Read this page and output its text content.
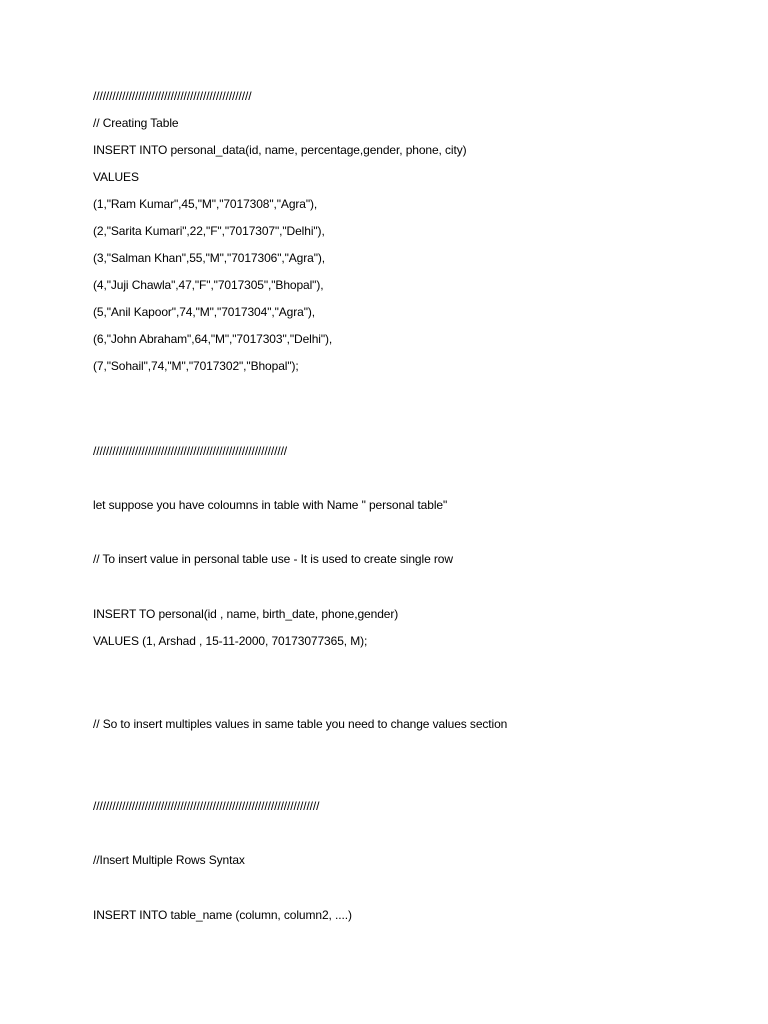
/////////////////////////////////////////////////
// Creating Table
INSERT INTO personal_data(id, name, percentage,gender, phone, city)
VALUES
(1,"Ram Kumar",45,"M","7017308","Agra"),
(2,"Sarita Kumari",22,"F","7017307","Delhi"),
(3,"Salman Khan",55,"M","7017306","Agra"),
(4,"Juji Chawla",47,"F","7017305","Bhopal"),
(5,"Anil Kapoor",74,"M","7017304","Agra"),
(6,"John Abraham",64,"M","7017303","Delhi"),
(7,"Sohail",74,"M","7017302","Bhopal");
////////////////////////////////////////////////////////////
let suppose you have coloumns in table with Name " personal table"
// To insert value in personal table use - It is used to create single row
INSERT TO personal(id , name, birth_date, phone,gender)
VALUES (1, Arshad , 15-11-2000, 70173077365, M);
// So to insert multiples values in same table you need to change values section
//////////////////////////////////////////////////////////////////////
//Insert Multiple Rows Syntax
INSERT INTO table_name (column, column2, ....)
